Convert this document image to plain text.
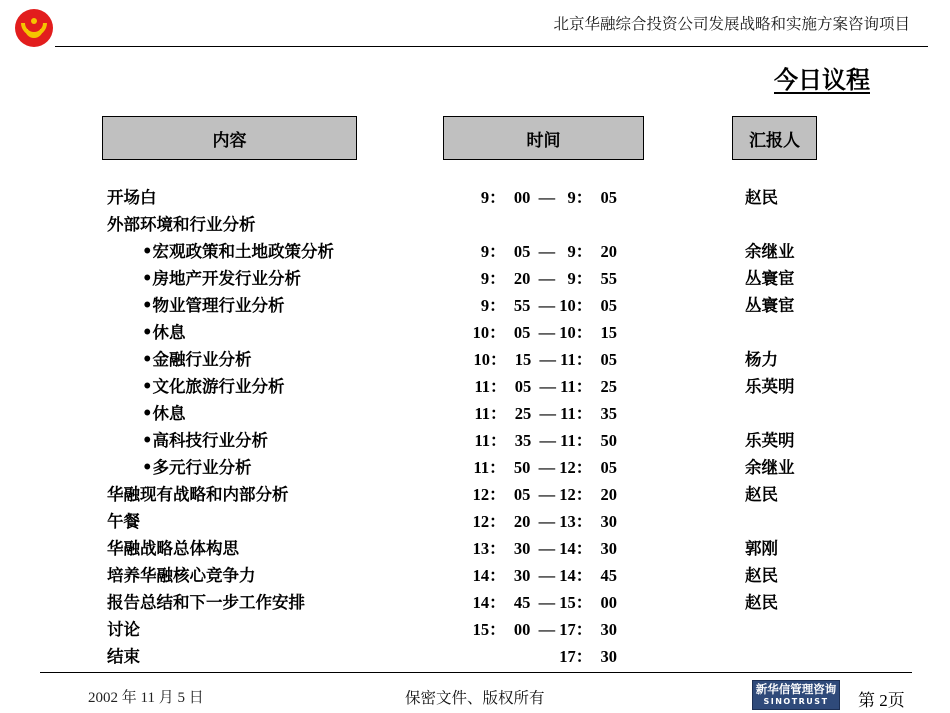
北京华融综合投资公司发展战略和实施方案咨询项目
今日议程
内容	时间	汇报人
开场白	9：  00  —   9：  05	赵民
外部环境和行业分析
•宏观政策和土地政策分析	9：  05  —   9：  20	余继业
•房地产开发行业分析	9：  20  —   9：  55	丛寰宦
•物业管理行业分析	9：  55  — 10：  05	丛寰宦
•休息	10：  05  — 10：  15
•金融行业分析	10：  15  — 11：  05	杨力
•文化旅游行业分析	11：  05  — 11：  25	乐英明
•休息	11：  25  — 11：  35
•高科技行业分析	11：  35  — 11：  50	乐英明
•多元行业分析	11：  50  — 12：  05	余继业
华融现有战略和内部分析	12：  05  — 12：  20	赵民
午餐	12：  20  — 13：  30
华融战略总体构思	13：  30  — 14：  30	郭刚
培养华融核心竞争力	14：  30  — 14：  45	赵民
报告总结和下一步工作安排	14：  45  — 15：  00	赵民
讨论	15：  00  — 17：  30
结束	17：  30
2002 年 11 月 5 日	保密文件、版权所有	新华信管理咨询
SINOTRUST 第 2页
